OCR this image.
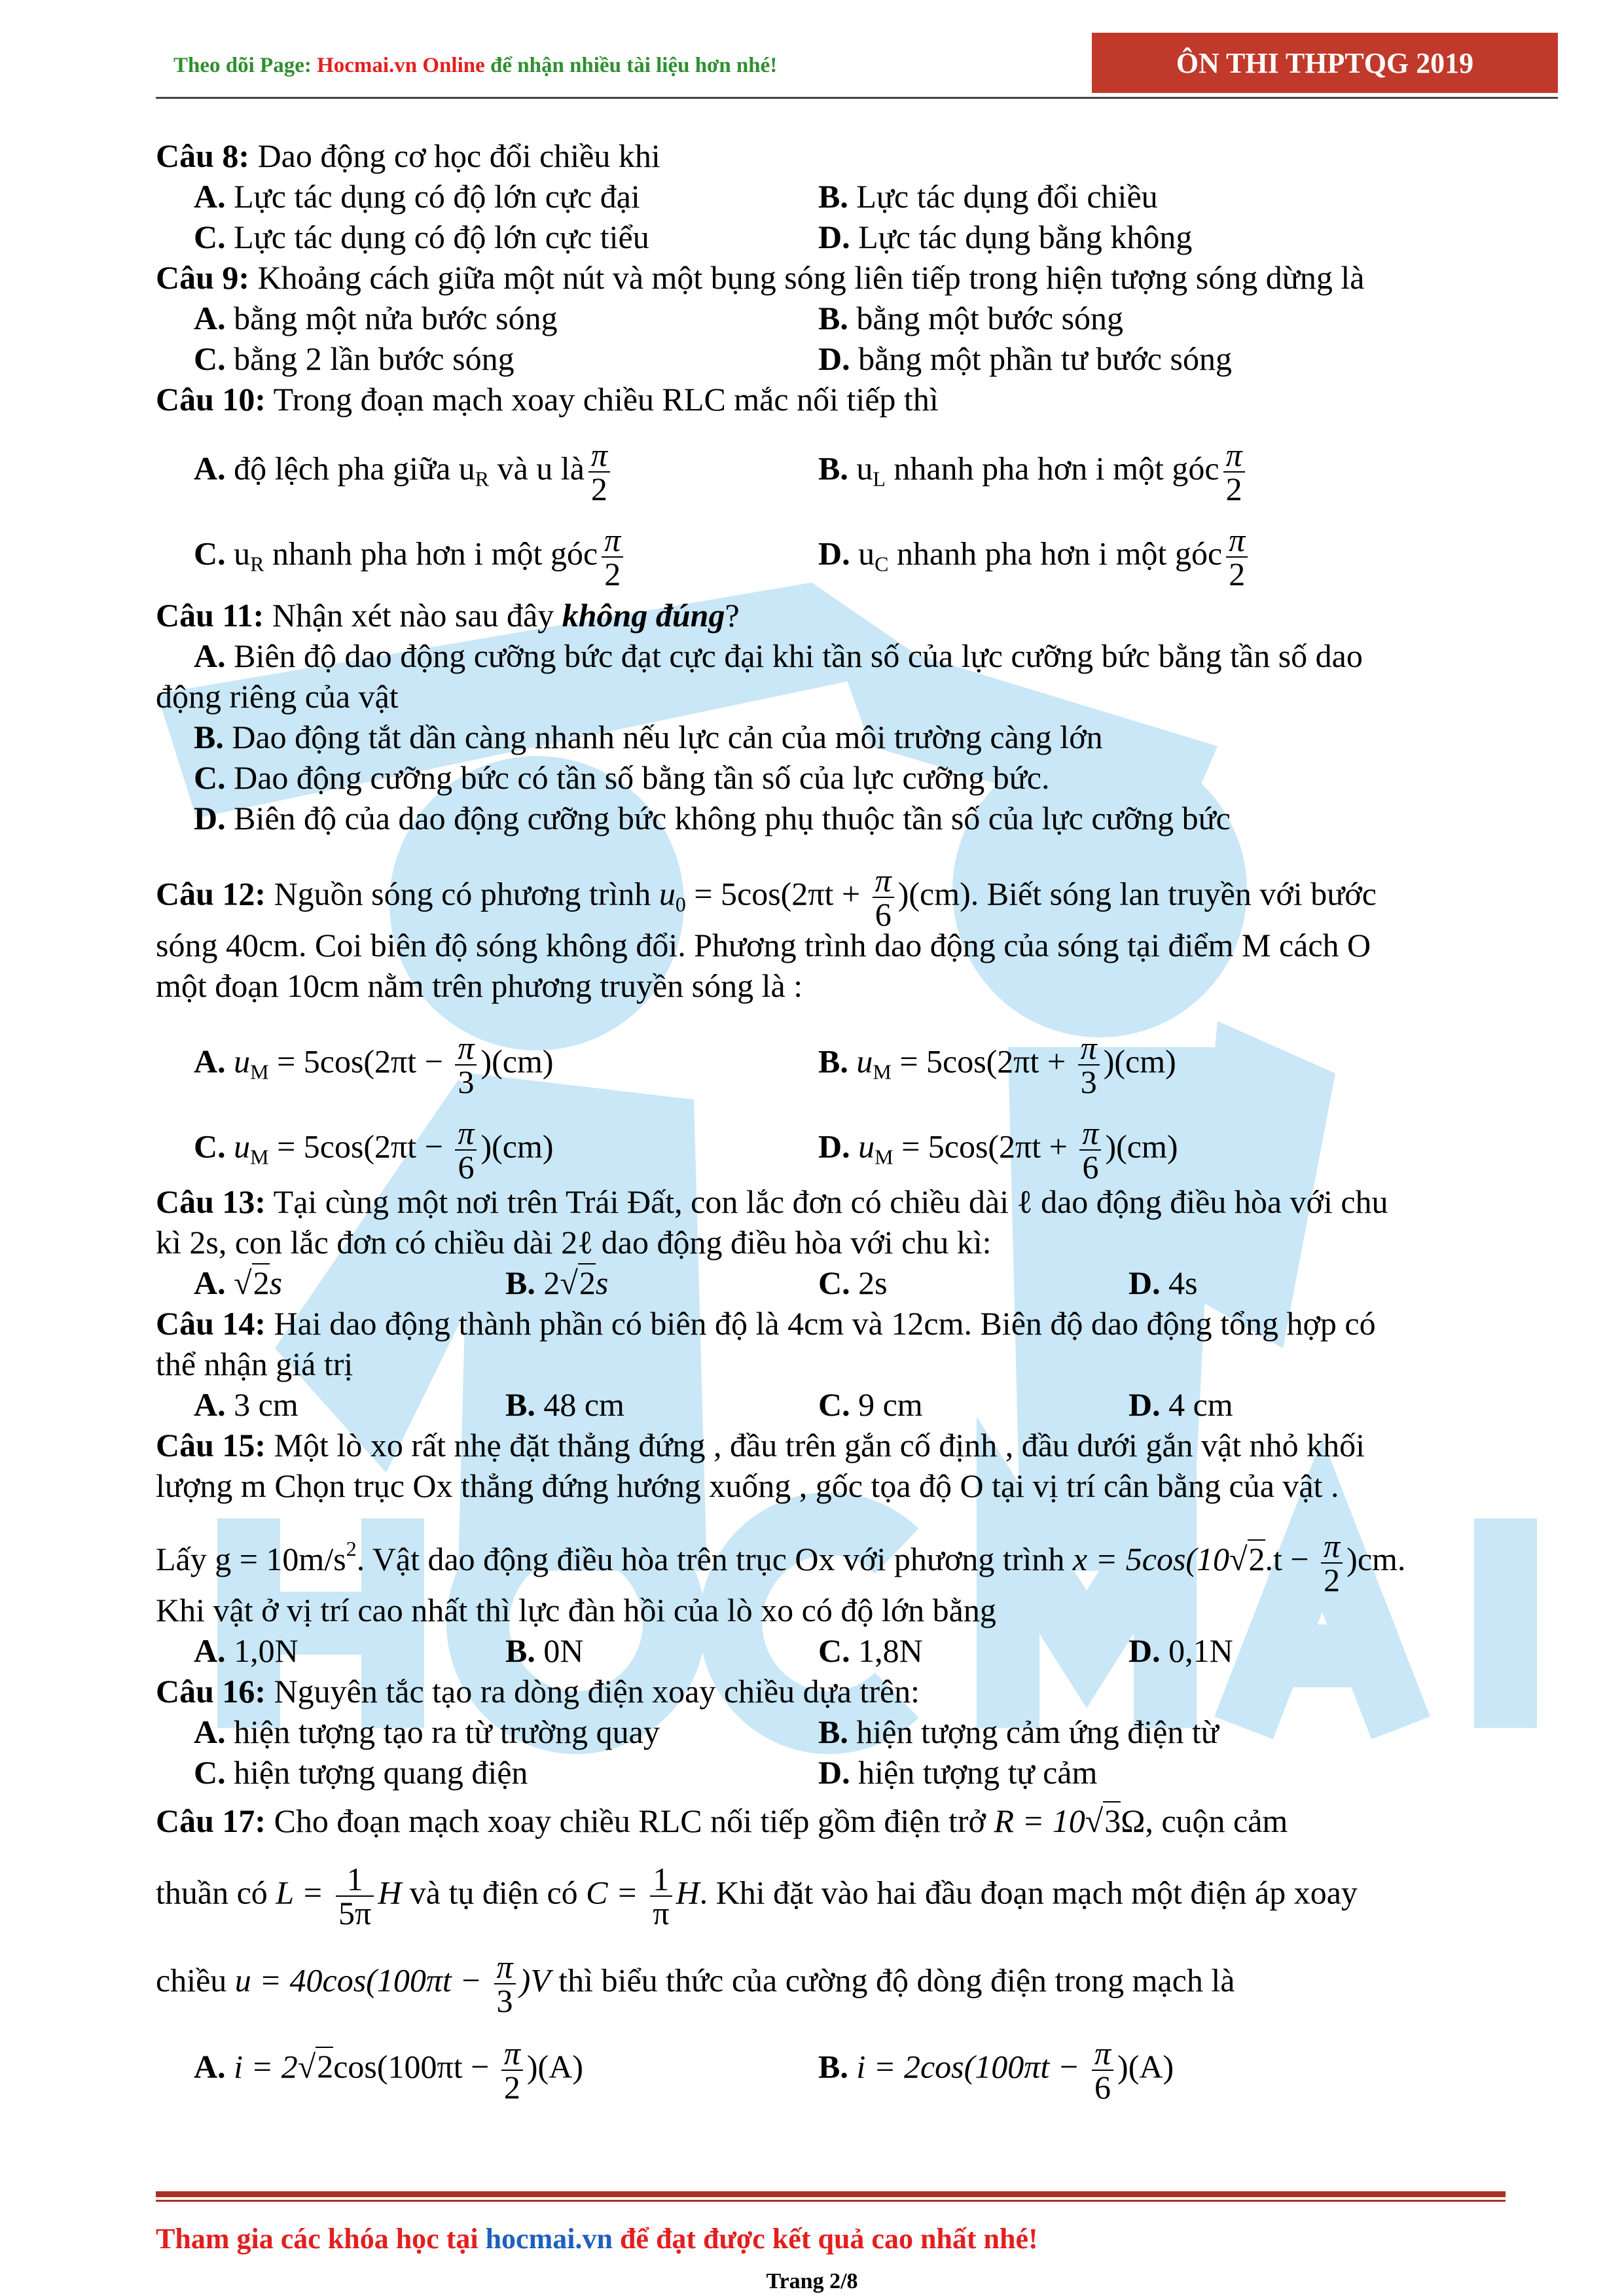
Theo dõi Page: Hocmai.vn Online để nhận nhiều tài liệu hơn nhé!	ÔN THI THPTQG 2019
Câu 8: Dao động cơ học đổi chiều khi
A. Lực tác dụng có độ lớn cực đại	B. Lực tác dụng đổi chiều
C. Lực tác dụng có độ lớn cực tiểu	D. Lực tác dụng bằng không
Câu 9: Khoảng cách giữa một nút và một bụng sóng liên tiếp trong hiện tượng sóng dừng là
A. bằng một nửa bước sóng	B. bằng một bước sóng
C. bằng 2 lần bước sóng	D. bằng một phần tư bước sóng
Câu 10: Trong đoạn mạch xoay chiều RLC mắc nối tiếp thì
A. độ lệch pha giữa $u_R$ và u là $\frac{\pi}{2}$	B. $u_L$ nhanh pha hơn i một góc $\frac{\pi}{2}$
C. $u_R$ nhanh pha hơn i một góc $\frac{\pi}{2}$	D. $u_C$ nhanh pha hơn i một góc $\frac{\pi}{2}$
Câu 11: Nhận xét nào sau đây không đúng?
A. Biên độ dao động cưỡng bức đạt cực đại khi tần số của lực cưỡng bức bằng tần số dao
động riêng của vật
B. Dao động tắt dần càng nhanh nếu lực cản của môi trường càng lớn
C. Dao động cưỡng bức có tần số bằng tần số của lực cưỡng bức.
D. Biên độ của dao động cưỡng bức không phụ thuộc tần số của lực cưỡng bức
Câu 12: Nguồn sóng có phương trình $u_0 = 5\cos(2\pi t + \frac{\pi}{6} )(cm)$. Biết sóng lan truyền với bước
sóng 40cm. Coi biên độ sóng không đổi. Phương trình dao động của sóng tại điểm M cách O
một đoạn 10cm nằm trên phương truyền sóng là :
A. $u_M = 5\cos(2\pi t - \frac{\pi}{3} )(cm)$	B. $u_M = 5\cos(2\pi t + \frac{\pi}{3} )(cm)$
C. $u_M = 5\cos(2\pi t - \frac{\pi}{6} )(cm)$	D. $u_M = 5\cos(2\pi t + \frac{\pi}{6} )(cm)$
Câu 13: Tại cùng một nơi trên Trái Đất, con lắc đơn có chiều dài ℓ dao động điều hòa với chu
kì 2s, con lắc đơn có chiều dài 2ℓ dao động điều hòa với chu kì:
A. √2s	B. 2√2s	C. 2s	D. 4s
Câu 14: Hai dao động thành phần có biên độ là 4cm và 12cm. Biên độ dao động tổng hợp có
thể nhận giá trị
A. 3 cm	B. 48 cm	C. 9 cm	D. 4 cm
Câu 15: Một lò xo rất nhẹ đặt thẳng đứng , đầu trên gắn cố định , đầu dưới gắn vật nhỏ khối
lượng m Chọn trục Ox thẳng đứng hướng xuống , gốc tọa độ O tại vị trí cân bằng của vật .
Lấy $g = 10m/s^2$. Vật dao động điều hòa trên trục Ox với phương trình $x = 5\cos(10√2.t - \frac{\pi}{2} )cm$.
Khi vật ở vị trí cao nhất thì lực đàn hồi của lò xo có độ lớn bằng
A. 1,0N	B. 0N	C. 1,8N	D. 0,1N
Câu 16: Nguyên tắc tạo ra dòng điện xoay chiều dựa trên:
A. hiện tượng tạo ra từ trường quay	B. hiện tượng cảm ứng điện từ
C. hiện tượng quang điện	D. hiện tượng tự cảm
Câu 17: Cho đoạn mạch xoay chiều RLC nối tiếp gồm điện trở R = 10√3Ω, cuộn cảm
thuần có $L = \frac{1}{5\pi}$ H và tụ điện có $C = \frac{1}{\pi} H$. Khi đặt vào hai đầu đoạn mạch một điện áp xoay
chiều $u = 40\cos(100\pi t - \frac{\pi}{3} )V$ thì biểu thức của cường độ dòng điện trong mạch là
A. $i = 2√2\cos(100\pi t - \frac{\pi}{2} )(A)$	B. $i = 2\cos(100\pi t - \frac{\pi}{6} )(A)$
Tham gia các khóa học tại hocmai.vn để đạt được kết quả cao nhất nhé!
Trang 2/8
